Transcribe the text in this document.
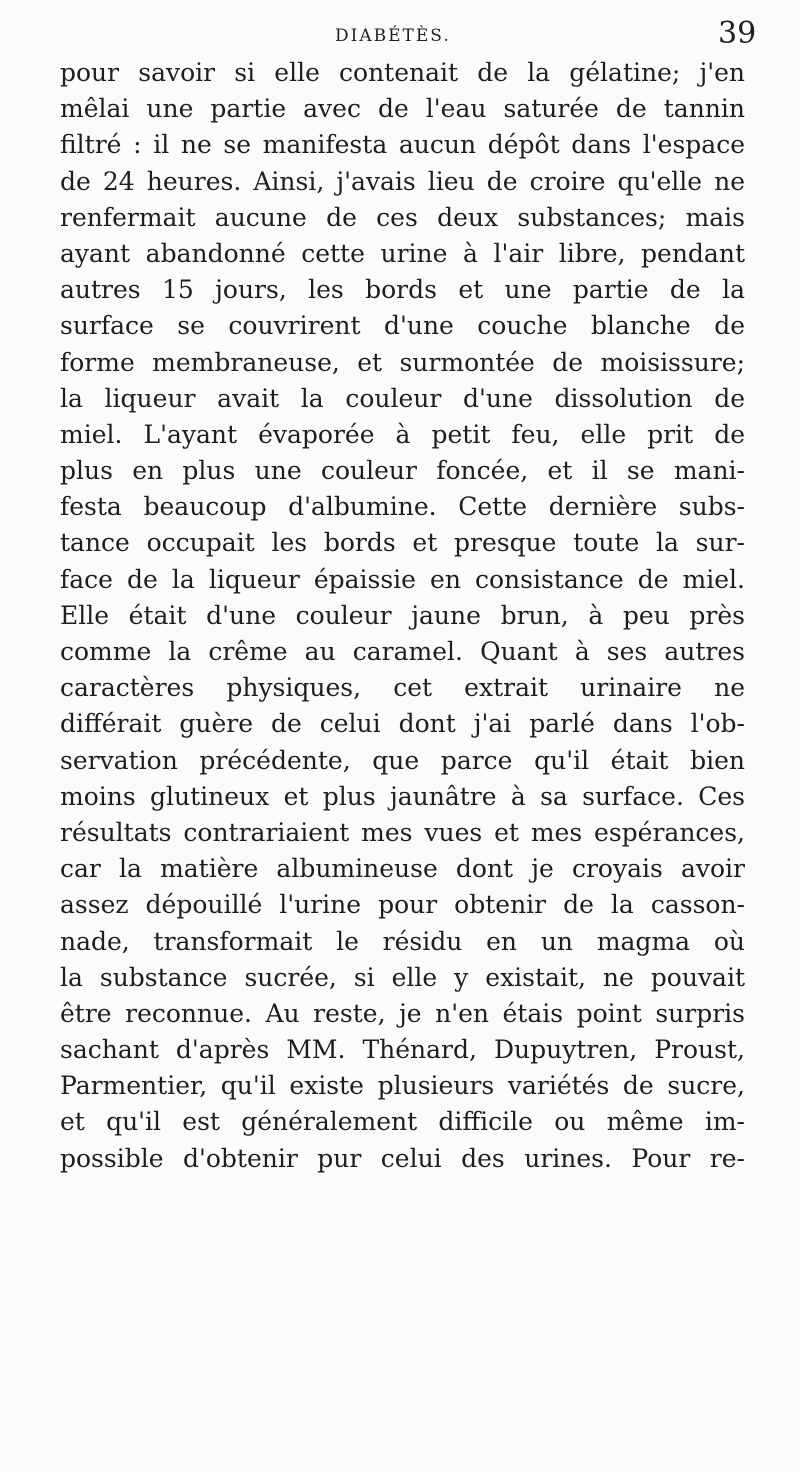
DIABÉTÈS.	39
pour savoir si elle contenait de la gélatine; j'en
mêlai une partie avec de l'eau saturée de tannin
filtré : il ne se manifesta aucun dépôt dans l'espace
de 24 heures. Ainsi, j'avais lieu de croire qu'elle ne
renfermait aucune de ces deux substances; mais
ayant abandonné cette urine à l'air libre, pendant
autres 15 jours, les bords et une partie de la
surface se couvrirent d'une couche blanche de
forme membraneuse, et surmontée de moisissure;
la liqueur avait la couleur d'une dissolution de
miel. L'ayant évaporée à petit feu, elle prit de
plus en plus une couleur foncée, et il se mani-
festa beaucoup d'albumine. Cette dernière subs-
tance occupait les bords et presque toute la sur-
face de la liqueur épaissie en consistance de miel.
Elle était d'une couleur jaune brun, à peu près
comme la crême au caramel. Quant à ses autres
caractères physiques, cet extrait urinaire ne
différait guère de celui dont j'ai parlé dans l'ob-
servation précédente, que parce qu'il était bien
moins glutineux et plus jaunâtre à sa surface. Ces
résultats contrariaient mes vues et mes espérances,
car la matière albumineuse dont je croyais avoir
assez dépouillé l'urine pour obtenir de la casson-
nade, transformait le résidu en un magma où
la substance sucrée, si elle y existait, ne pouvait
être reconnue. Au reste, je n'en étais point surpris
sachant d'après MM. Thénard, Dupuytren, Proust,
Parmentier, qu'il existe plusieurs variétés de sucre,
et qu'il est généralement difficile ou même im-
possible d'obtenir pur celui des urines. Pour re-
